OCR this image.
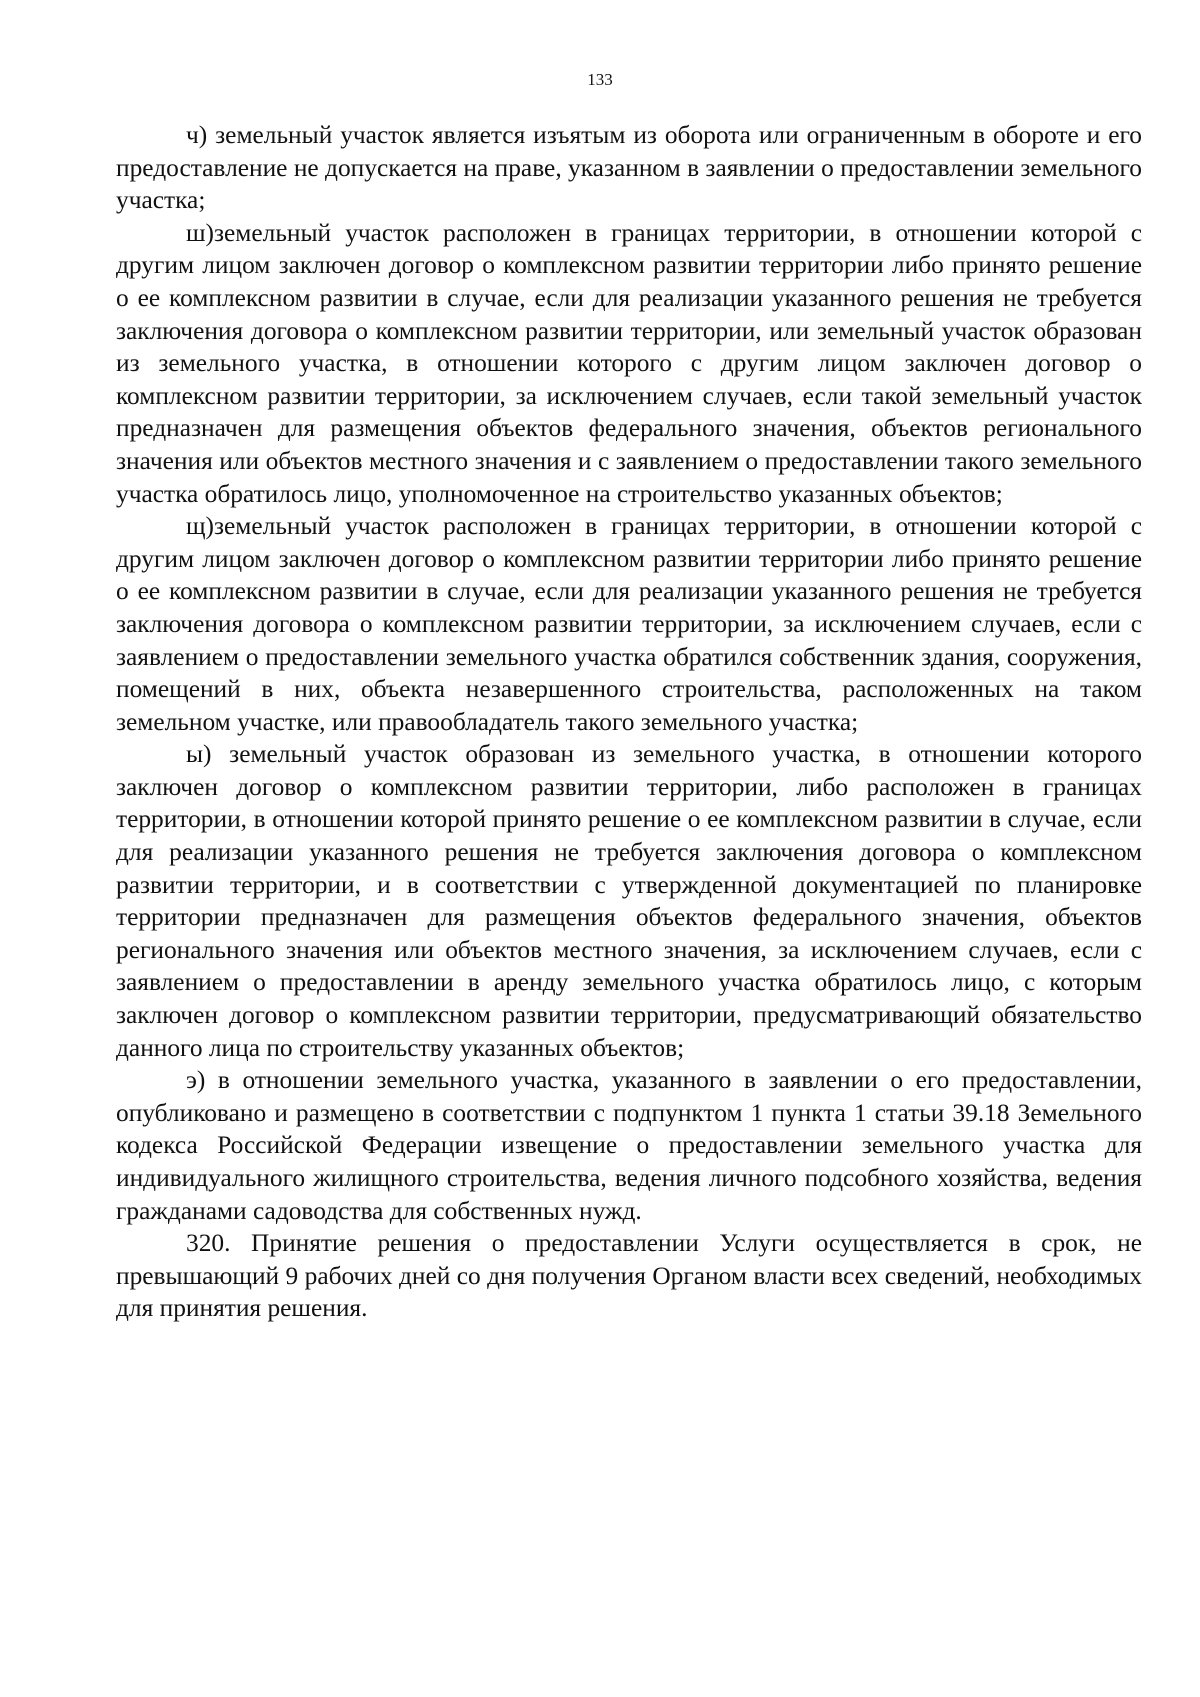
133

ч) земельный участок является изъятым из оборота или ограниченным в обороте и его предоставление не допускается на праве, указанном в заявлении о предоставлении земельного участка;

ш)земельный участок расположен в границах территории, в отношении которой с другим лицом заключен договор о комплексном развитии территории либо принято решение о ее комплексном развитии в случае, если для реализации указанного решения не требуется заключения договора о комплексном развитии территории, или земельный участок образован из земельного участка, в отношении которого с другим лицом заключен договор о комплексном развитии территории, за исключением случаев, если такой земельный участок предназначен для размещения объектов федерального значения, объектов регионального значения или объектов местного значения и с заявлением о предоставлении такого земельного участка обратилось лицо, уполномоченное на строительство указанных объектов;

щ)земельный участок расположен в границах территории, в отношении которой с другим лицом заключен договор о комплексном развитии территории либо принято решение о ее комплексном развитии в случае, если для реализации указанного решения не требуется заключения договора о комплексном развитии территории, за исключением случаев, если с заявлением о предоставлении земельного участка обратился собственник здания, сооружения, помещений в них, объекта незавершенного строительства, расположенных на таком земельном участке, или правообладатель такого земельного участка;

ы) земельный участок образован из земельного участка, в отношении которого заключен договор о комплексном развитии территории, либо расположен в границах территории, в отношении которой принято решение о ее комплексном развитии в случае, если для реализации указанного решения не требуется заключения договора о комплексном развитии территории, и в соответствии с утвержденной документацией по планировке территории предназначен для размещения объектов федерального значения, объектов регионального значения или объектов местного значения, за исключением случаев, если с заявлением о предоставлении в аренду земельного участка обратилось лицо, с которым заключен договор о комплексном развитии территории, предусматривающий обязательство данного лица по строительству указанных объектов;

э) в отношении земельного участка, указанного в заявлении о его предоставлении, опубликовано и размещено в соответствии с подпунктом 1 пункта 1 статьи 39.18 Земельного кодекса Российской Федерации извещение о предоставлении земельного участка для индивидуального жилищного строительства, ведения личного подсобного хозяйства, ведения гражданами садоводства для собственных нужд.

320. Принятие решения о предоставлении Услуги осуществляется в срок, не превышающий 9 рабочих дней со дня получения Органом власти всех сведений, необходимых для принятия решения.
